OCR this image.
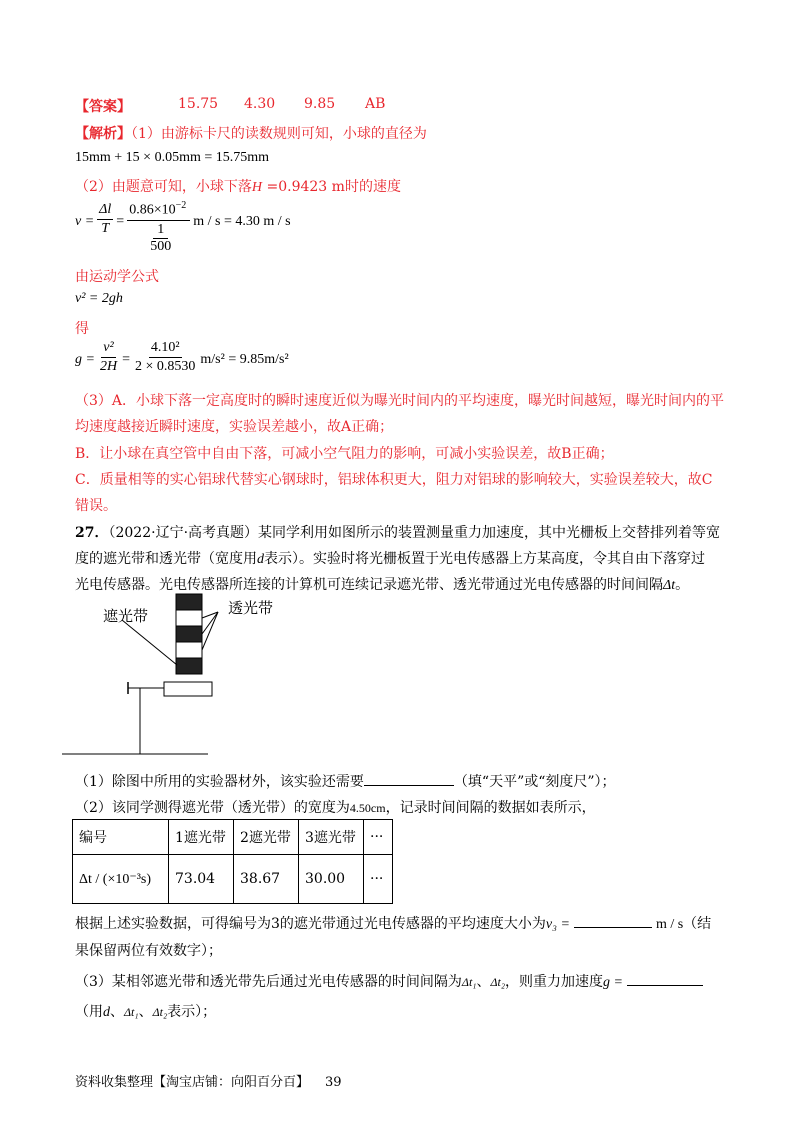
【答案】	15.75 4.30 9.85 AB
【解析】（1）由游标卡尺的读数规则可知，小球的直径为
15mm + 15 × 0.05mm = 15.75mm
（2）由题意可知，小球下落H =0.9423 m时的速度
$v = \frac{\Delta l}{T} = \frac{0.86\times 10^{-2}}{\frac{1}{500}}$ m / s = 4.30 m / s
由运动学公式
v² = 2gh
得
$g = \frac{\text{v²}}{2H} = \frac{\text{4.10²}}{2 \times 0.8530} m/s^2 = 9.85m/s^2$
（3）A．小球下落一定高度时的瞬时速度近似为曝光时间内的平均速度，曝光时间越短，曝光时间内的平
均速度越接近瞬时速度，实验误差越小，故A正确；
B．让小球在真空管中自由下落，可减小空气阻力的影响，可减小实验误差，故B正确；
C．质量相等的实心铝球代替实心钢球时，铝球体积更大，阻力对铝球的影响较大，实验误差较大，故C
错误。
27．（2022·辽宁·高考真题）某同学利用如图所示的装置测量重力加速度，其中光栅板上交替排列着等宽
度的遮光带和透光带（宽度用d表示）。实验时将光栅板置于光电传感器上方某高度，令其自由下落穿过
光电传感器。光电传感器所连接的计算机可连续记录遮光带、透光带通过光电传感器的时间间隔Δt。
遮光带	透光带
（1）除图中所用的实验器材外，该实验还需要	（填“天平”或“刻度尺”）；
（2）该同学测得遮光带（透光带）的宽度为4.50cm，记录时间间隔的数据如表所示，
编号	1遮光带	2遮光带	3遮光带	···
Δt / (×10⁻³s)	73.04	38.67	30.00	···
根据上述实验数据，可得编号为3的遮光带通过光电传感器的平均速度大小为v₃ =	m / s（结
果保留两位有效数字）；
（3）某相邻遮光带和透光带先后通过光电传感器的时间间隔为Δt₁、Δt₂，则重力加速度g =
（用d、Δt₁、Δt₂表示）；
资料收集整理【淘宝店铺：向阳百分百】 39
